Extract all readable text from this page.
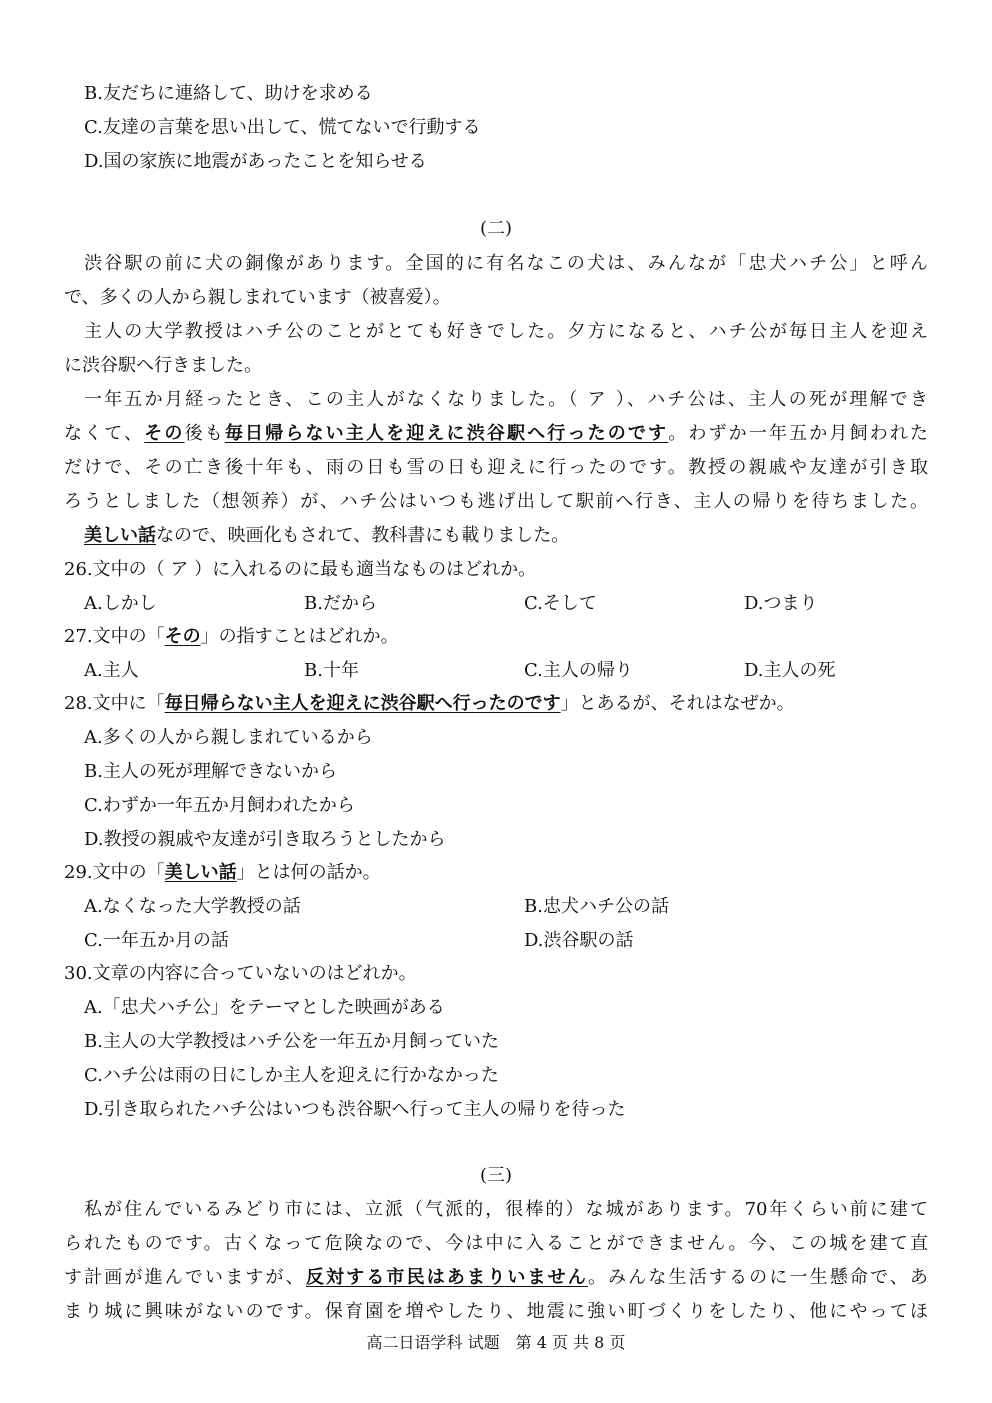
B.友だちに連絡して、助けを求める
C.友達の言葉を思い出して、慌てないで行動する
D.国の家族に地震があったことを知らせる
(二)
渋谷駅の前に犬の銅像があります。全国的に有名なこの犬は、みんなが「忠犬ハチ公」と呼ん
で、多くの人から親しまれています（被喜爱）。
主人の大学教授はハチ公のことがとても好きでした。夕方になると、ハチ公が毎日主人を迎え
に渋谷駅へ行きました。
一年五か月経ったとき、この主人がなくなりました。（ ア ）、ハチ公は、主人の死が理解でき
なくて、その後も毎日帰らない主人を迎えに渋谷駅へ行ったのです。わずか一年五か月飼われた
だけで、その亡き後十年も、雨の日も雪の日も迎えに行ったのです。教授の親戚や友達が引き取
ろうとしました（想领养）が、ハチ公はいつも逃げ出して駅前へ行き、主人の帰りを待ちました。
美しい話なので、映画化もされて、教科書にも載りました。
26.文中の（ ア ）に入れるのに最も適当なものはどれか。
A.しかし	B.だから	C.そして	D.つまり
27.文中の「その」の指すことはどれか。
A.主人	B.十年	C.主人の帰り	D.主人の死
28.文中に「毎日帰らない主人を迎えに渋谷駅へ行ったのです」とあるが、それはなぜか。
A.多くの人から親しまれているから
B.主人の死が理解できないから
C.わずか一年五か月飼われたから
D.教授の親戚や友達が引き取ろうとしたから
29.文中の「美しい話」とは何の話か。
A.なくなった大学教授の話	B.忠犬ハチ公の話
C.一年五か月の話	D.渋谷駅の話
30.文章の内容に合っていないのはどれか。
A.「忠犬ハチ公」をテーマとした映画がある
B.主人の大学教授はハチ公を一年五か月飼っていた
C.ハチ公は雨の日にしか主人を迎えに行かなかった
D.引き取られたハチ公はいつも渋谷駅へ行って主人の帰りを待った
(三)
私が住んでいるみどり市には、立派（气派的，很棒的）な城があります。70年くらい前に建て
られたものです。古くなって危険なので、今は中に入ることができません。今、この城を建て直
す計画が進んでいますが、反対する市民はあまりいません。みんな生活するのに一生懸命で、あ
まり城に興味がないのです。保育園を増やしたり、地震に強い町づくりをしたり、他にやってほ
高二日语学科 试题　第 4 页 共 8 页
